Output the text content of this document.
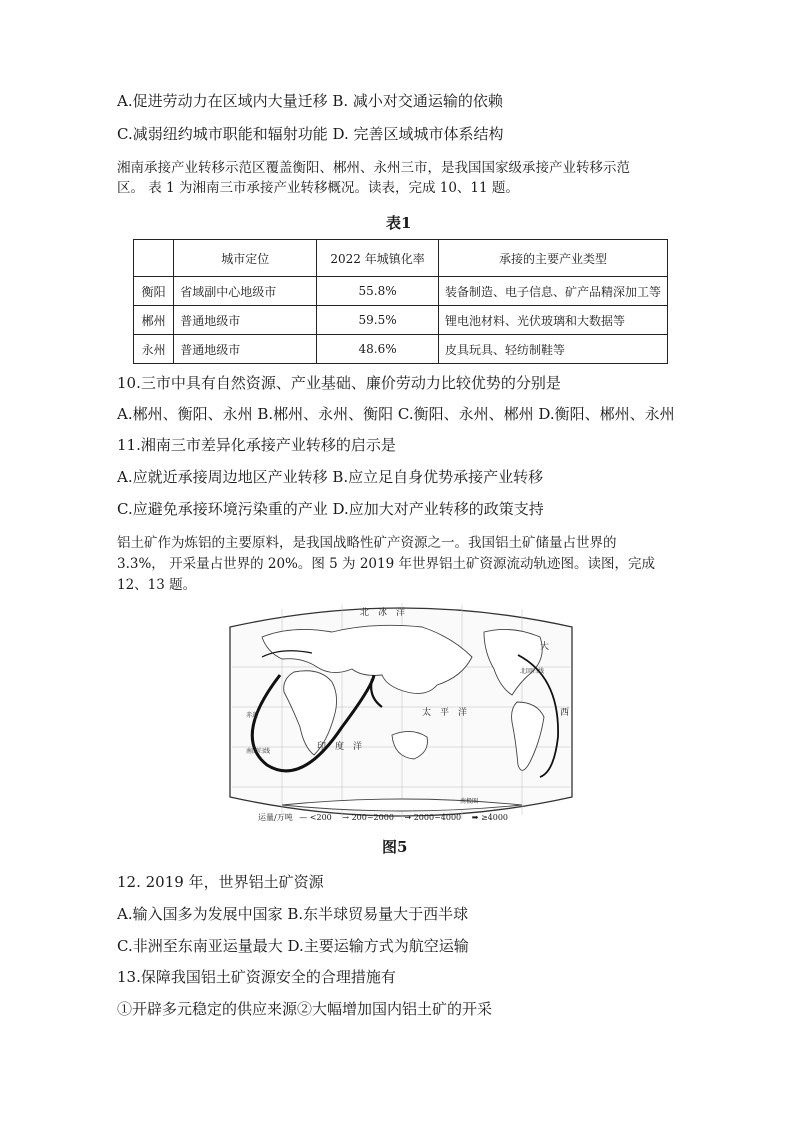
A.促进劳动力在区域内大量迁移 B. 减小对交通运输的依赖
C.减弱纽约城市职能和辐射功能 D. 完善区域城市体系结构
湘南承接产业转移示范区覆盖衡阳、郴州、永州三市，是我国国家级承接产业转移示范
区。 表 1 为湘南三市承接产业转移概况。读表，完成 10、11 题。
表1
	城市定位	2022 年城镇化率	承接的主要产业类型
衡阳	省域副中心地级市	55.8%	装备制造、电子信息、矿产品精深加工等
郴州	普通地级市	59.5%	锂电池材料、光伏玻璃和大数据等
永州	普通地级市	48.6%	皮具玩具、轻纺制鞋等
10.三市中具有自然资源、产业基础、廉价劳动力比较优势的分别是
A.郴州、衡阳、永州 B.郴州、永州、衡阳 C.衡阳、永州、郴州 D.衡阳、郴州、永州
11.湘南三市差异化承接产业转移的启示是
A.应就近承接周边地区产业转移 B.应立足自身优势承接产业转移
C.应避免承接环境污染重的产业 D.应加大对产业转移的政策支持
铝土矿作为炼铝的主要原料，是我国战略性矿产资源之一。我国铝土矿储量占世界的
3.3%， 开采量占世界的 20%。图 5 为 2019 年世界铝土矿资源流动轨迹图。读图，完成
12、13 题。
北　冰　洋
太　平　洋
印　度　洋
大
西
北回归线
赤道
南回归线
南极圈
运量/万吨 — <200 → 200~2000 ➞ 2000~4000 ➡ ≥4000
图5
12. 2019 年，世界铝土矿资源
A.输入国多为发展中国家 B.东半球贸易量大于西半球
C.非洲至东南亚运量最大 D.主要运输方式为航空运输
13.保障我国铝土矿资源安全的合理措施有
①开辟多元稳定的供应来源②大幅增加国内铝土矿的开采
